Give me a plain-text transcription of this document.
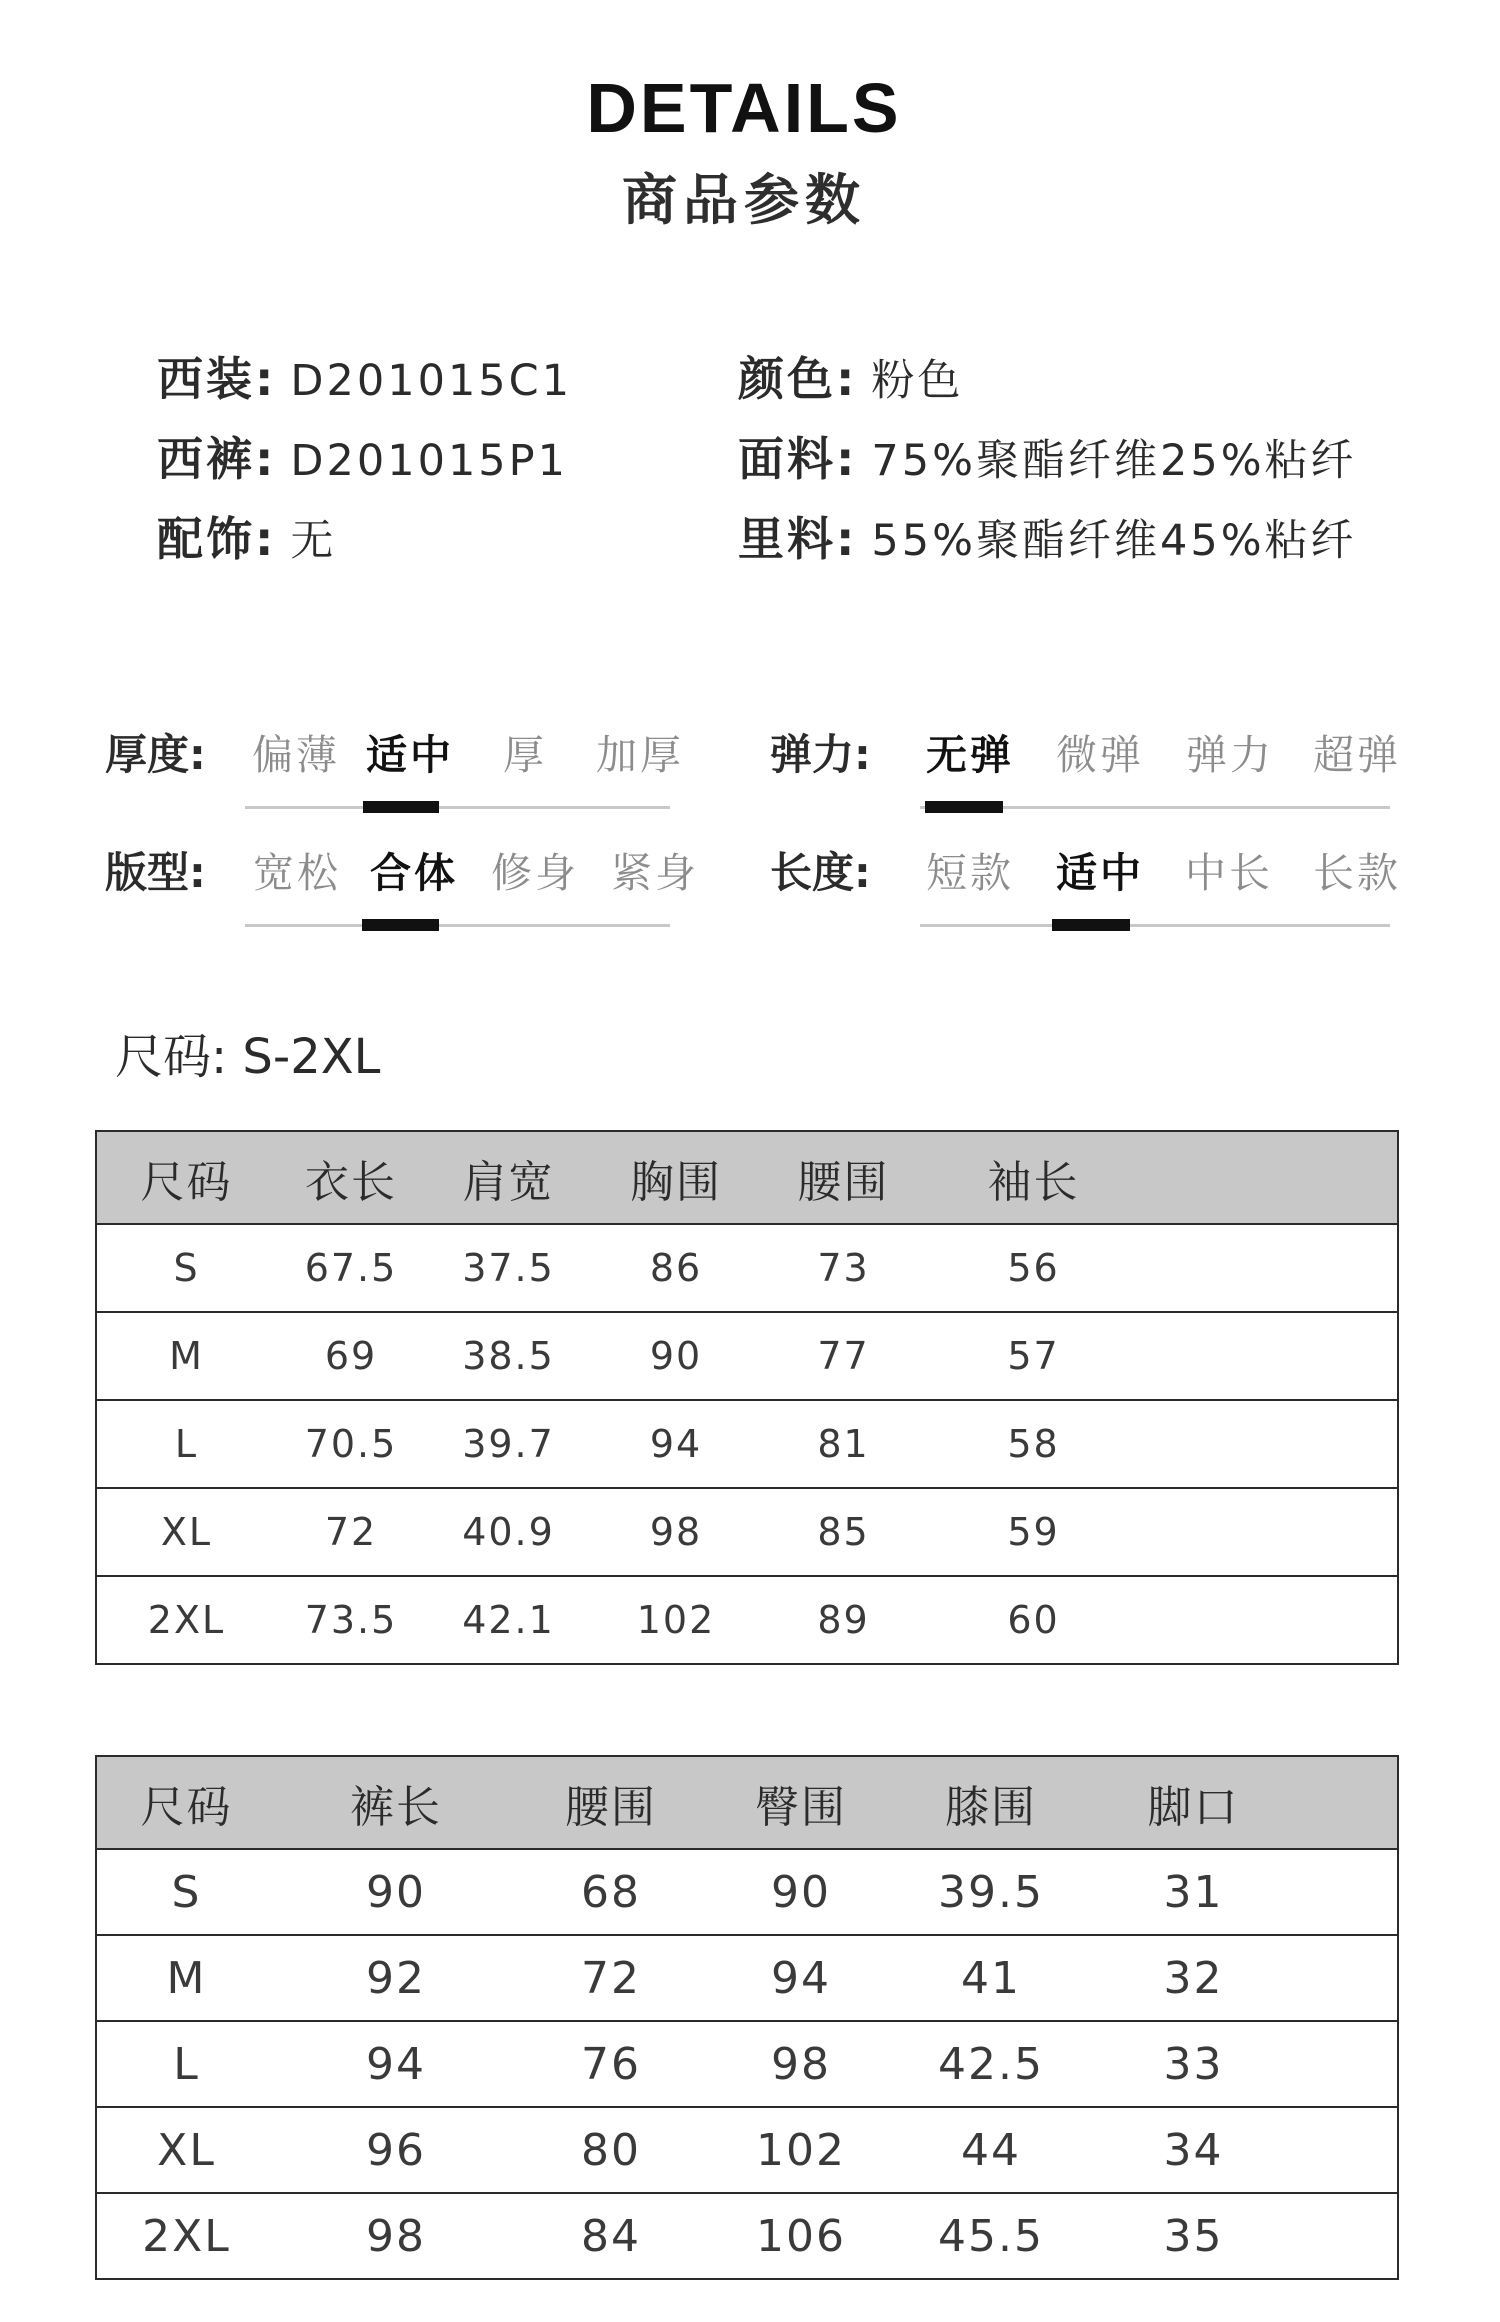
DETAILS
商品参数
西装: D201015C1
西裤: D201015P1
配饰: 无
颜色: 粉色
面料: 75%聚酯纤维25%粘纤
里料: 55%聚酯纤维45%粘纤
厚度: 偏薄 适中	厚	加厚 弹力: 无弹 微弹 弹力 超弹
版型: 宽松 合体 修身 紧身 长度: 短款 适中 中长 长款
尺码: S-2XL
尺码	衣长	肩宽	胸围	腰围	袖长	
S	67.5	37.5	86	73	56	
M	69	38.5	90	77	57	
L	70.5	39.7	94	81	58	
XL	72	40.9	98	85	59	
2XL	73.5	42.1	102	89	60	
尺码	裤长	腰围	臀围	膝围	脚口	
S	90	68	90	39.5	31	
M	92	72	94	41	32	
L	94	76	98	42.5	33	
XL	96	80	102	44	34	
2XL	98	84	106	45.5	35	
